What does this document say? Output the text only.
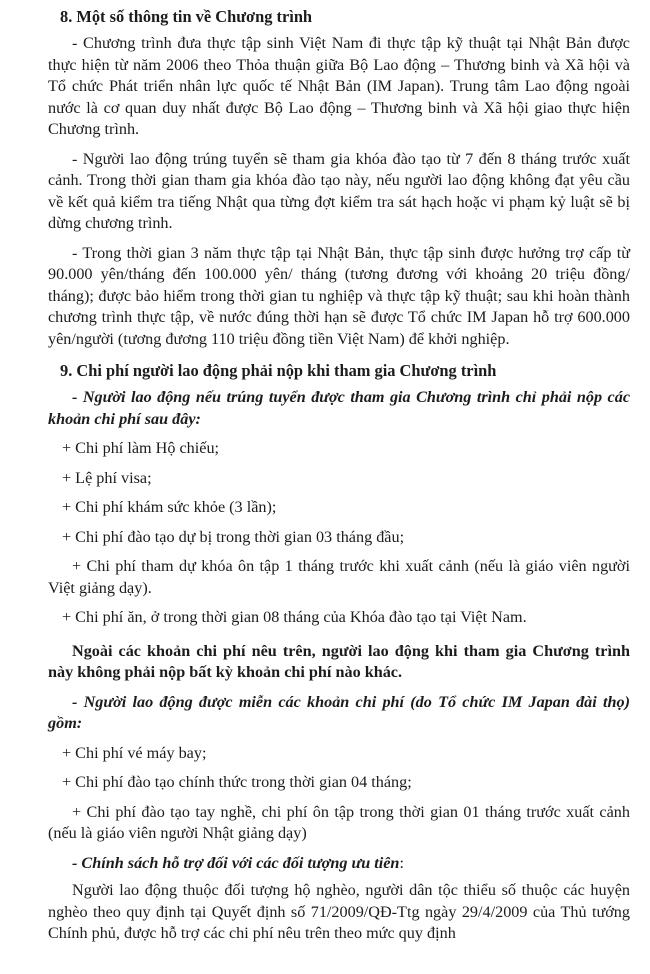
8. Một số thông tin về Chương trình

- Chương trình đưa thực tập sinh Việt Nam đi thực tập kỹ thuật tại Nhật Bản được thực hiện từ năm 2006 theo Thỏa thuận giữa Bộ Lao động – Thương binh và Xã hội và Tổ chức Phát triển nhân lực quốc tế Nhật Bản (IM Japan). Trung tâm Lao động ngoài nước là cơ quan duy nhất được Bộ Lao động – Thương binh và Xã hội giao thực hiện Chương trình.

- Người lao động trúng tuyển sẽ tham gia khóa đào tạo từ 7 đến 8 tháng trước xuất cảnh. Trong thời gian tham gia khóa đào tạo này, nếu người lao động không đạt yêu cầu về kết quả kiểm tra tiếng Nhật qua từng đợt kiểm tra sát hạch hoặc vi phạm kỷ luật sẽ bị dừng chương trình.

- Trong thời gian 3 năm thực tập tại Nhật Bản, thực tập sinh được hưởng trợ cấp từ 90.000 yên/tháng đến 100.000 yên/ tháng (tương đương với khoảng 20 triệu đồng/ tháng); được bảo hiểm trong thời gian tu nghiệp và thực tập kỹ thuật; sau khi hoàn thành chương trình thực tập, về nước đúng thời hạn sẽ được Tổ chức IM Japan hỗ trợ 600.000 yên/người (tương đương 110 triệu đồng tiền Việt Nam) để khởi nghiệp.

9. Chi phí người lao động phải nộp khi tham gia Chương trình

- Người lao động nếu trúng tuyển được tham gia Chương trình chỉ phải nộp các khoản chi phí sau đây:

+ Chi phí làm Hộ chiếu;

+ Lệ phí visa;

+ Chi phí khám sức khỏe (3 lần);

+ Chi phí đào tạo dự bị trong thời gian 03 tháng đầu;

+ Chi phí tham dự khóa ôn tập 1 tháng trước khi xuất cảnh (nếu là giáo viên người Việt giảng dạy).

+ Chi phí ăn, ở trong thời gian 08 tháng của Khóa đào tạo tại Việt Nam.

Ngoài các khoản chi phí nêu trên, người lao động khi tham gia Chương trình này không phải nộp bất kỳ khoản chi phí nào khác.

- Người lao động được miễn các khoản chi phí (do Tổ chức IM Japan đài thọ) gồm:

+ Chi phí vé máy bay;

+ Chi phí đào tạo chính thức trong thời gian 04 tháng;

+ Chi phí đào tạo tay nghề, chi phí ôn tập trong thời gian 01 tháng trước xuất cảnh (nếu là giáo viên người Nhật giảng dạy)

- Chính sách hỗ trợ đối với các đối tượng ưu tiên:

Người lao động thuộc đối tượng hộ nghèo, người dân tộc thiểu số thuộc các huyện nghèo theo quy định tại Quyết định số 71/2009/QĐ-Ttg ngày 29/4/2009 của Thủ tướng Chính phủ, được hỗ trợ các chi phí nêu trên theo mức quy định
